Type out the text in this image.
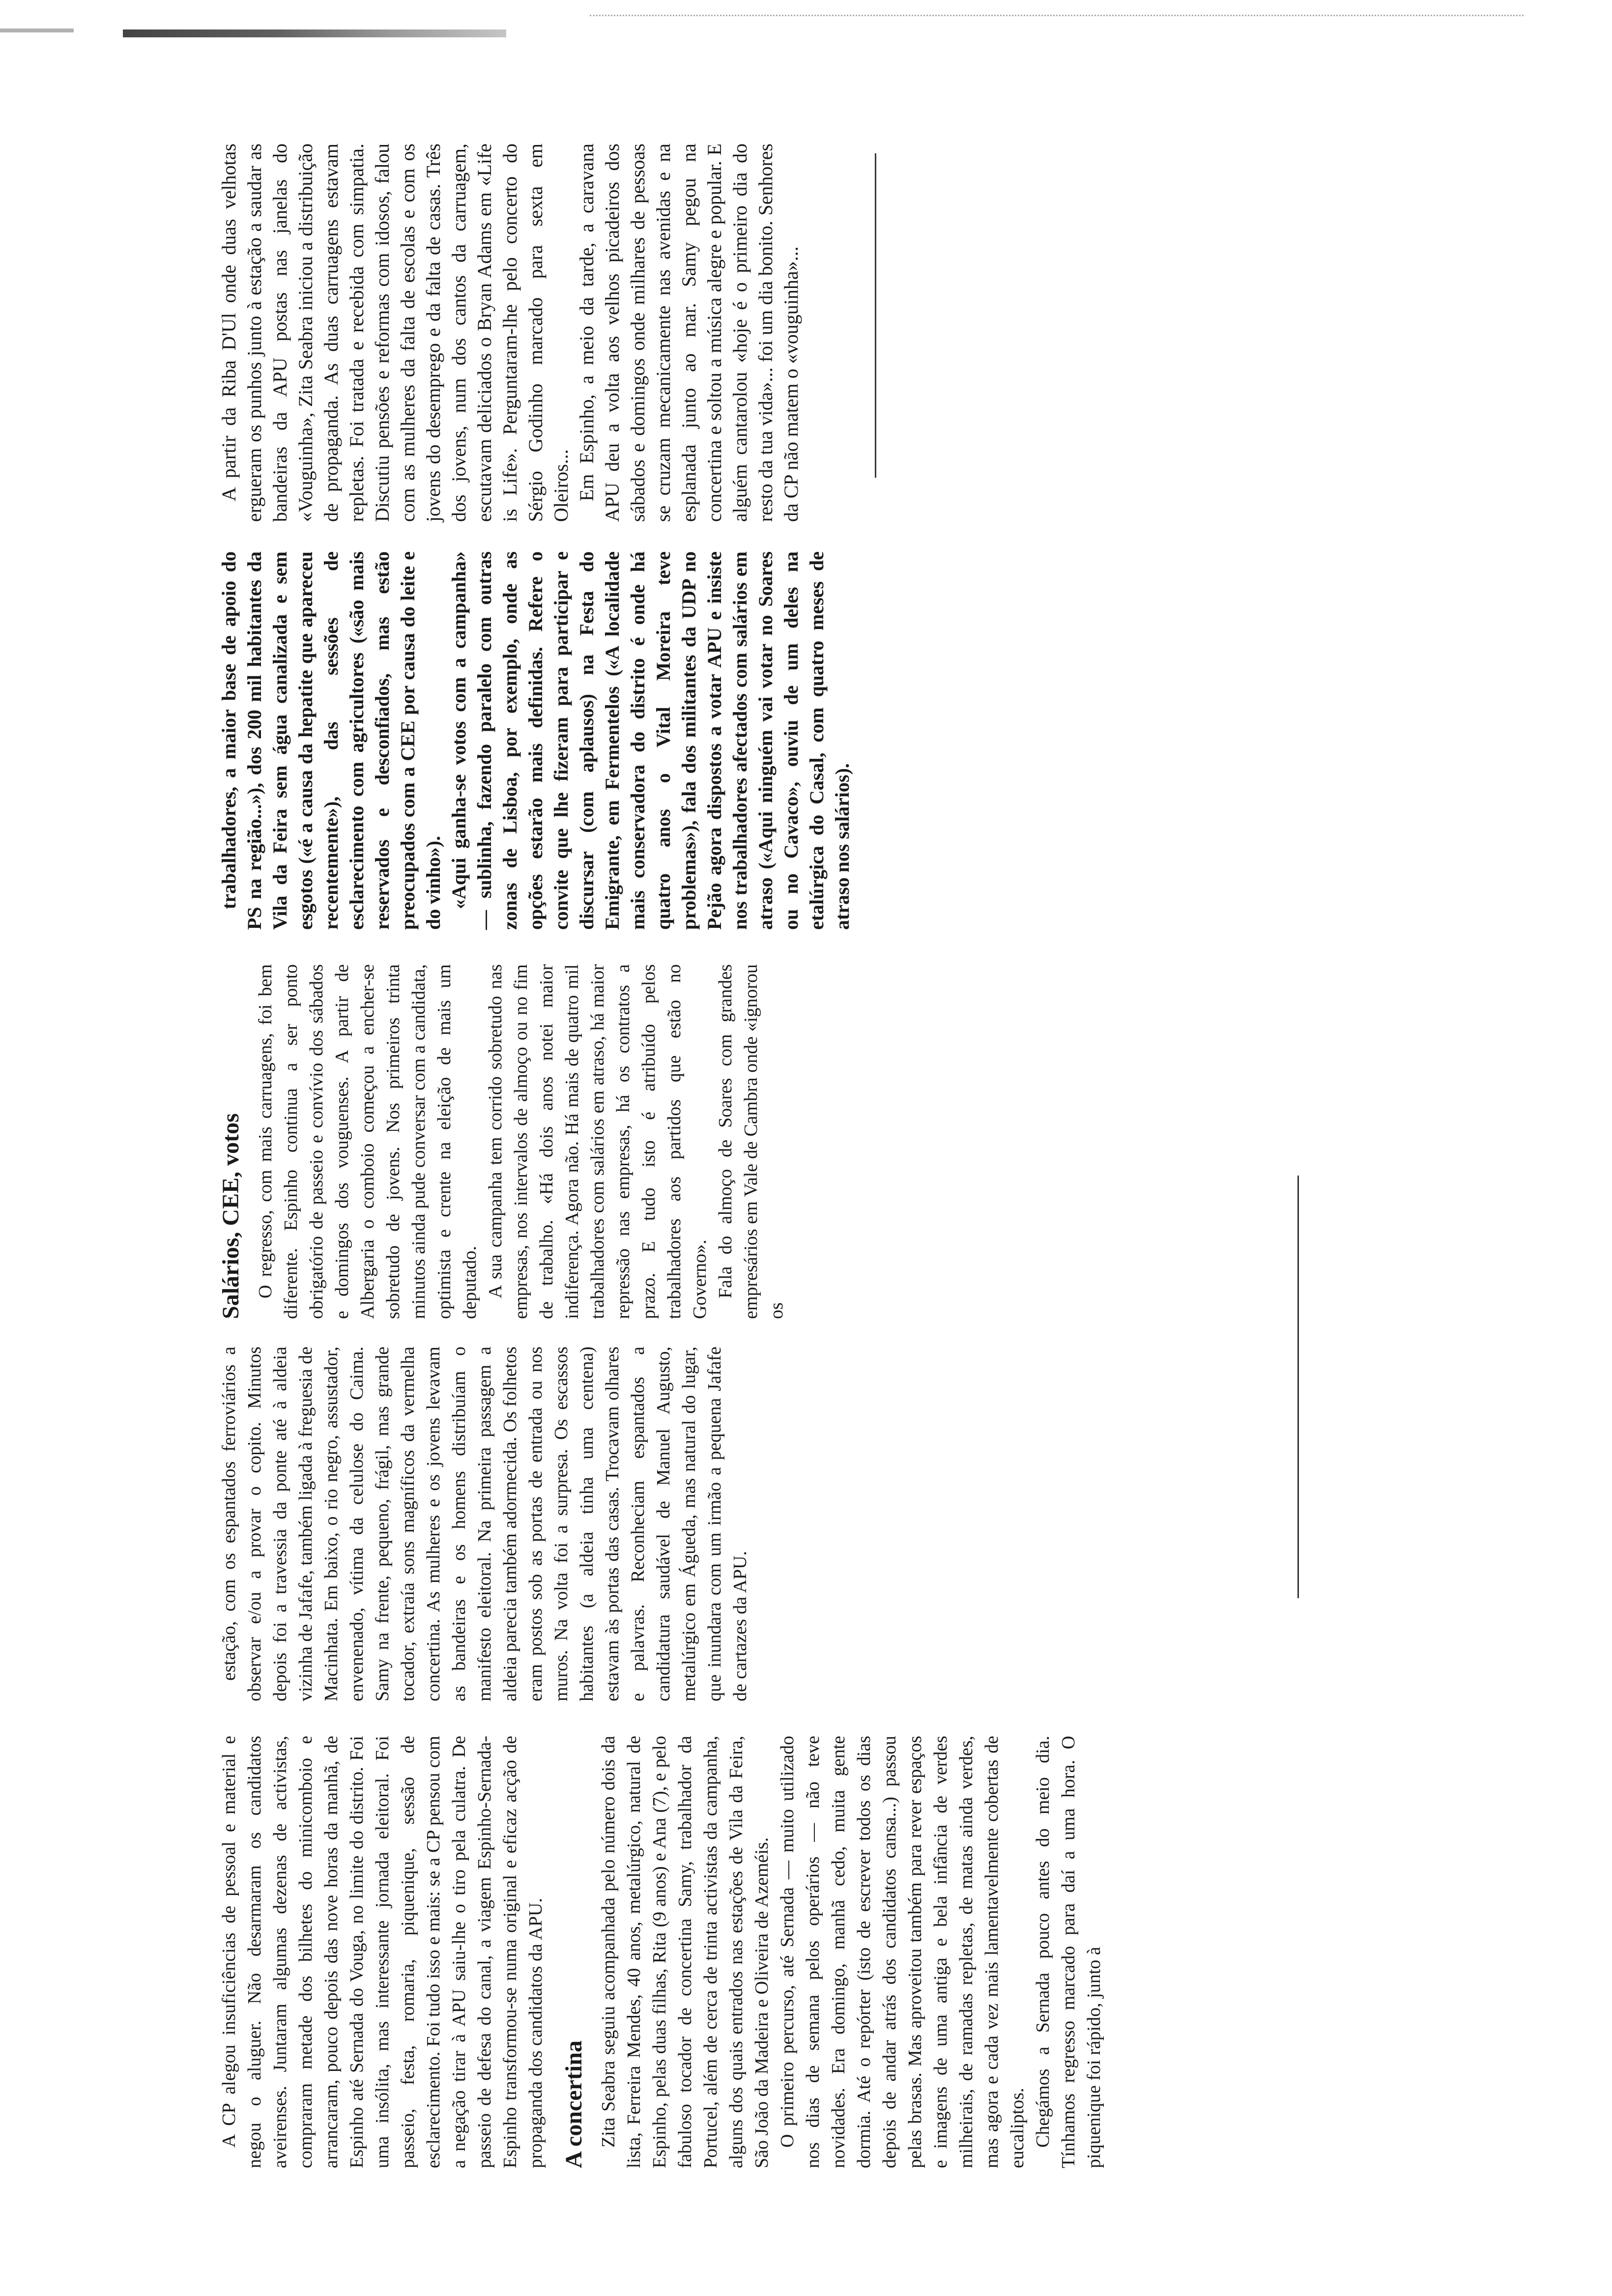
A CP alegou insuficiências de pessoal e material e negou o aluguer. Não desarmaram os candidatos aveirenses. Juntaram algumas dezenas de activistas, compraram metade dos bilhetes do minicomboio e arrancaram, pouco depois das nove horas da manhã, de Espinho até Sernada do Vouga, no limite do distrito. Foi uma insólita, mas interessante jornada eleitoral. Foi passeio, festa, romaria, piquenique, sessão de esclarecimento. Foi tudo isso e mais: se a CP pensou com a negação tirar à APU saiu-lhe o tiro pela culatra. De passeio de defesa do canal, a viagem Espinho-Sernada-Espinho transformou-se numa original e eficaz acção de propaganda dos candidatos da APU. A concertina Zita Seabra seguiu acompanhada pelo número dois da lista, Ferreira Mendes, 40 anos, metalúrgico, natural de Espinho, pelas duas filhas, Rita (9 anos) e Ana (7), e pelo fabuloso tocador de concertina Samy, trabalhador da Portucel, além de cerca de trinta activistas da campanha, alguns dos quais entrados nas estações de Vila da Feira, São João da Madeira e Oliveira de Azeméis. O primeiro percurso, até Sernada — muito utilizado nos dias de semana pelos operários — não teve novidades. Era domingo, manhã cedo, muita gente dormia. Até o repórter (isto de escrever todos os dias depois de andar atrás dos candidatos cansa...) passou pelas brasas. Mas aproveitou também para rever espaços e imagens de uma antiga e bela infância de verdes milheirais, de ramadas repletas, de matas ainda verdes, mas agora e cada vez mais lamentavelmente cobertas de eucaliptos. Chegámos a Sernada pouco antes do meio dia. Tínhamos regresso marcado para daí a uma hora. O piquenique foi rápido, junto à

estação, com os espantados ferroviários a observar e/ou a provar o copito. Minutos depois foi a travessia da ponte até à aldeia vizinha de Jafafe, também ligada à freguesia de Macinhata. Em baixo, o rio negro, assustador, envenenado, vítima da celulose do Caima. Samy na frente, pequeno, frágil, mas grande tocador, extraía sons magníficos da vermelha concertina. As mulheres e os jovens levavam as bandeiras e os homens distribuíam o manifesto eleitoral. Na primeira passagem a aldeia parecia também adormecida. Os folhetos eram postos sob as portas de entrada ou nos muros. Na volta foi a surpresa. Os escassos habitantes (a aldeia tinha uma centena) estavam às portas das casas. Trocavam olhares e palavras. Reconheciam espantados a candidatura saudável de Manuel Augusto, metalúrgico em Águeda, mas natural do lugar, que inundara com um irmão a pequena Jafafe de cartazes da APU.

Salários, CEE, votos O regresso, com mais carruagens, foi bem diferente. Espinho continua a ser ponto obrigatório de passeio e convívio dos sábados e domingos dos vouguenses. A partir de Albergaria o comboio começou a encher-se sobretudo de jovens. Nos primeiros trinta minutos ainda pude conversar com a candidata, optimista e crente na eleição de mais um deputado. A sua campanha tem corrido sobretudo nas empresas, nos intervalos de almoço ou no fim de trabalho. «Há dois anos notei maior indiferença. Agora não. Há mais de quatro mil trabalhadores com salários em atraso, há maior repressão nas empresas, há os contratos a prazo. E tudo isto é atribuído pelos trabalhadores aos partidos que estão no Governo». Fala do almoço de Soares com grandes empresários em Vale de Cambra onde «ignorou os

trabalhadores, a maior base de apoio do PS na região...»), dos 200 mil habitantes da Vila da Feira sem água canalizada e sem esgotos («é a causa da hepatite que apareceu recentemente»), das sessões de esclarecimento com agricultores («são mais reservados e desconfiados, mas estão preocupados com a CEE por causa do leite e do vinho»). «Aqui ganha-se votos com a campanha» — sublinha, fazendo paralelo com outras zonas de Lisboa, por exemplo, onde as opções estarão mais definidas. Refere o convite que lhe fizeram para participar e discursar (com aplausos) na Festa do Emigrante, em Fermentelos («A localidade mais conservadora do distrito é onde há quatro anos o Vital Moreira teve problemas»), fala dos militantes da UDP no Pejão agora dispostos a votar APU e insiste nos trabalhadores afectados com salários em atraso («Aqui ninguém vai votar no Soares ou no Cavaco», ouviu de um deles na etalúrgica do Casal, com quatro meses de atraso nos salários).

A partir da Riba D'Ul onde duas velhotas ergueram os punhos junto à estação a saudar as bandeiras da APU postas nas janelas do «Vouguinha», Zita Seabra iniciou a distribuição de propaganda. As duas carruagens estavam repletas. Foi tratada e recebida com simpatia. Discutiu pensões e reformas com idosos, falou com as mulheres da falta de escolas e com os jovens do desemprego e da falta de casas. Três dos jovens, num dos cantos da carruagem, escutavam deliciados o Bryan Adams em «Life is Life». Perguntaram-lhe pelo concerto do Sérgio Godinho marcado para sexta em Oleiros... Em Espinho, a meio da tarde, a caravana APU deu a volta aos velhos picadeiros dos sábados e domingos onde milhares de pessoas se cruzam mecanicamente nas avenidas e na esplanada junto ao mar. Samy pegou na concertina e soltou a música alegre e popular. E alguém cantarolou «hoje é o primeiro dia do resto da tua vida»... foi um dia bonito. Senhores da CP não matem o «vouguinha»...
